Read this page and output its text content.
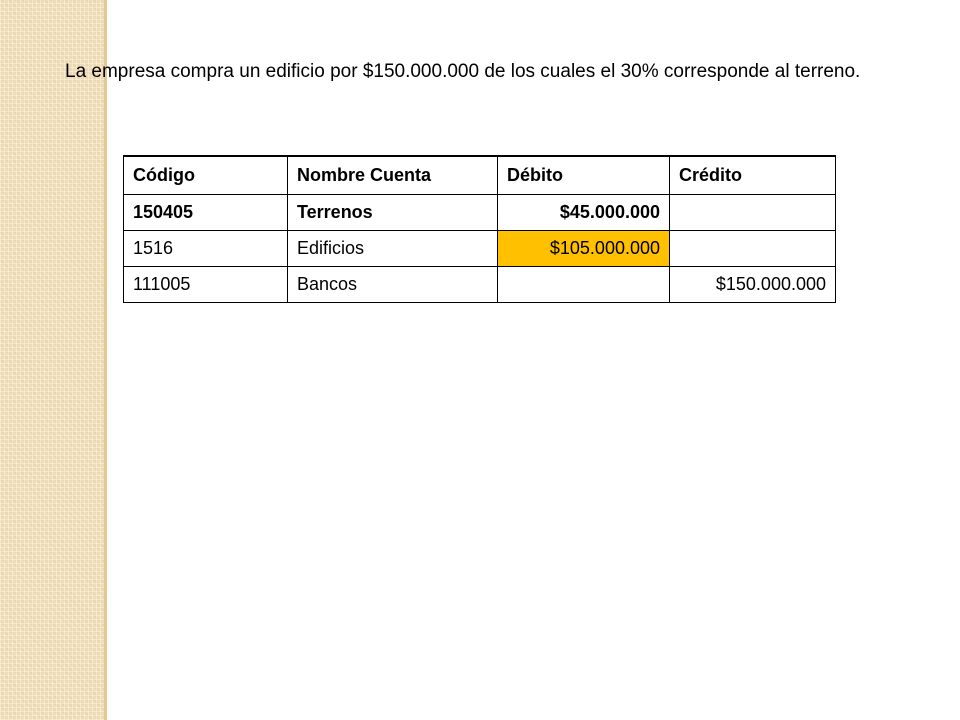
La empresa compra un edificio por $150.000.000 de los cuales el 30% corresponde al terreno.

Código	Nombre Cuenta	Débito	Crédito
150405	Terrenos	$45.000.000	
1516	Edificios	$105.000.000	
111005	Bancos		$150.000.000
